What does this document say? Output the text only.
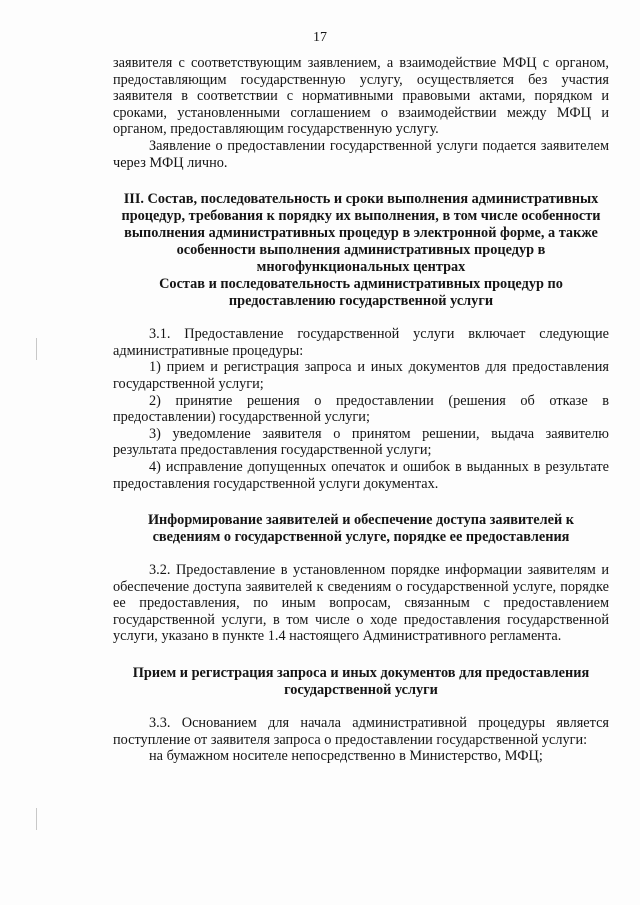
17

заявителя с соответствующим заявлением, а взаимодействие МФЦ с органом, предоставляющим государственную услугу, осуществляется без участия заявителя в соответствии с нормативными правовыми актами, порядком и сроками, установленными соглашением о взаимодействии между МФЦ и органом, предоставляющим государственную услугу.

Заявление о предоставлении государственной услуги подается заявителем через МФЦ лично.

III. Состав, последовательность и сроки выполнения административных процедур, требования к порядку их выполнения, в том числе особенности выполнения административных процедур в электронной форме, а также особенности выполнения административных процедур в многофункциональных центрах

Состав и последовательность административных процедур по предоставлению государственной услуги

3.1. Предоставление государственной услуги включает следующие административные процедуры:

1) прием и регистрация запроса и иных документов для предоставления государственной услуги;

2) принятие решения о предоставлении (решения об отказе в предоставлении) государственной услуги;

3) уведомление заявителя о принятом решении, выдача заявителю результата предоставления государственной услуги;

4) исправление допущенных опечаток и ошибок в выданных в результате предоставления государственной услуги документах.

Информирование заявителей и обеспечение доступа заявителей к сведениям о государственной услуге, порядке ее предоставления

3.2. Предоставление в установленном порядке информации заявителям и обеспечение доступа заявителей к сведениям о государственной услуге, порядке ее предоставления, по иным вопросам, связанным с предоставлением государственной услуги, в том числе о ходе предоставления государственной услуги, указано в пункте 1.4 настоящего Административного регламента.

Прием и регистрация запроса и иных документов для предоставления государственной услуги

3.3. Основанием для начала административной процедуры является поступление от заявителя запроса о предоставлении государственной услуги:

на бумажном носителе непосредственно в Министерство, МФЦ;
